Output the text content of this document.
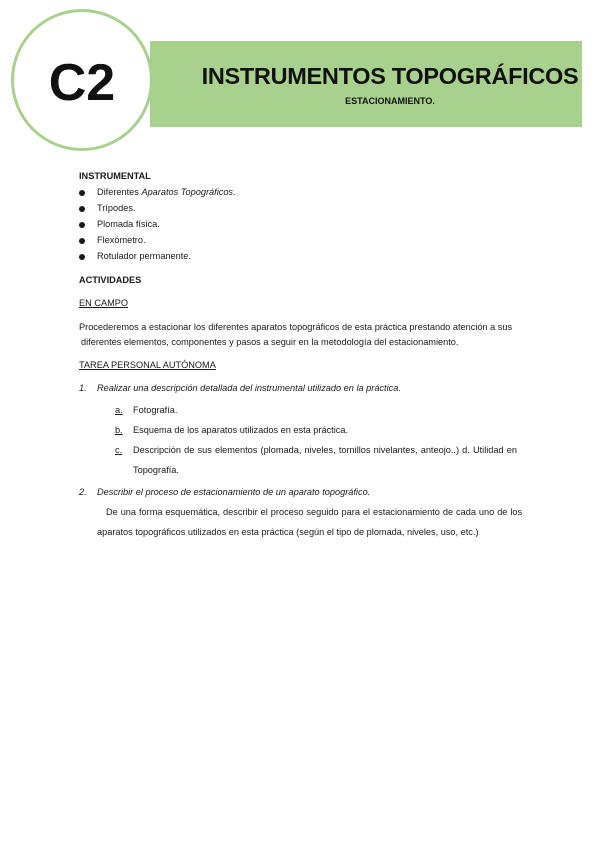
INSTRUMENTOS TOPOGRÁFICOS
ESTACIONAMIENTO.
C2
INSTRUMENTAL
Diferentes Aparatos Topográficos.
Trípodes.
Plomada física.
Flexómetro.
Rotulador permanente.
ACTIVIDADES
EN CAMPO
Procederemos a estacionar los diferentes aparatos topográficos de esta práctica prestando atención a sus
diferentes elementos, componentes y pasos a seguir en la metodología del estacionamiento.
TAREA PERSONAL AUTÓNOMA
1. Realizar una descripción detallada del instrumental utilizado en la práctica.
a. Fotografía.
b. Esquema de los aparatos utilizados en esta práctica.
c. Descripción de sus elementos (plomada, niveles, tornillos nivelantes, anteojo..) d. Utilidad en
Topografía.
2. Describir el proceso de estacionamiento de un aparato topográfico.
De una forma esquemática, describir el proceso seguido para el estacionamiento de cada uno de los
aparatos topográficos utilizados en esta práctica (según el tipo de plomada, niveles, uso, etc.)
